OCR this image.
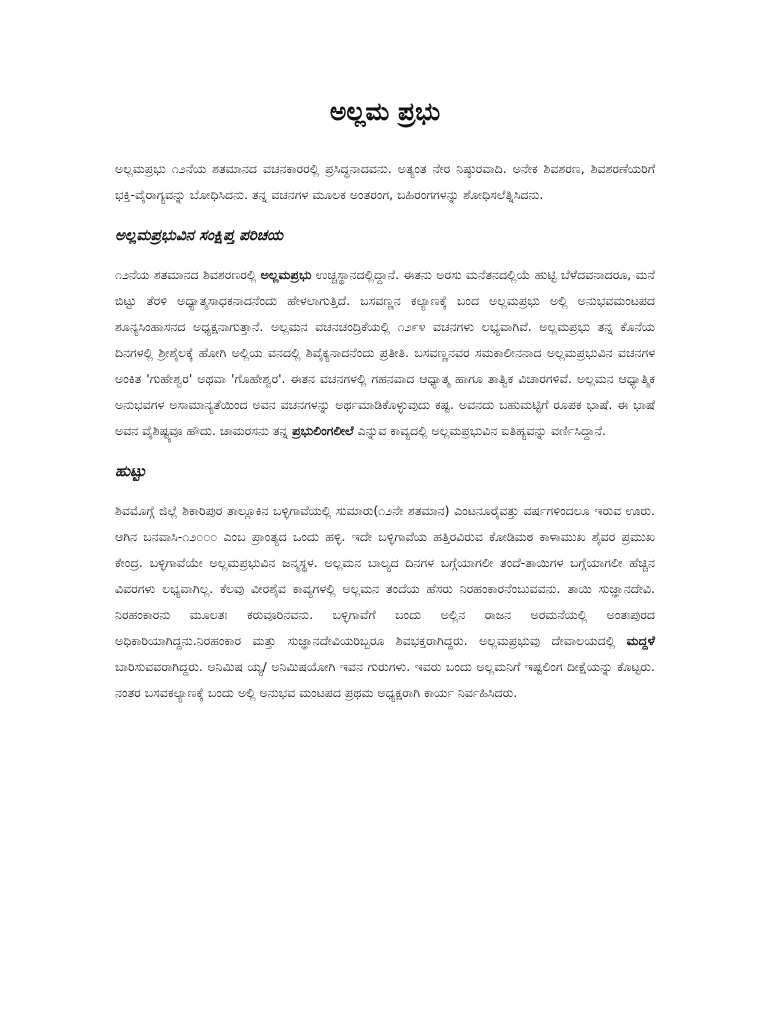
ಅಲ್ಲಮ ಪ್ರಭು

ಅಲ್ಲಮಪ್ರಭು ೧೨ನೆಯ ಶತಮಾನದ ವಚನಕಾರರಲ್ಲಿ ಪ್ರಸಿದ್ಧನಾದವನು. ಅತ್ಯಂತ ನೇರ ನಿಷ್ಠುರವಾದಿ. ಅನೇಕ ಶಿವಶರಣ, ಶಿವಶರಣೆಯರಿಗೆ ಭಕ್ತಿ-ವೈರಾಗ್ಯವನ್ನು ಬೋಧಿಸಿದನು. ತನ್ನ ವಚನಗಳ ಮೂಲಕ ಅಂತರಂಗ, ಬಹಿರಂಗಗಳನ್ನು ಶೋಧಿಸಲೆತ್ನಿಸಿದನು.

ಅಲ್ಲಮಪ್ರಭುವಿನ ಸಂಕ್ಷಿಪ್ತ ಪರಿಚಯ

೧೨ನೆಯ ಶತಮಾನದ ಶಿವಶರಣರಲ್ಲಿ ಅಲ್ಲಮಪ್ರಭು ಉಚ್ಚಸ್ಥಾನದಲ್ಲಿದ್ದಾನೆ. ಈತನು ಅರಸು ಮನೆತನದಲ್ಲಿಯೆ ಹುಟ್ಟಿ ಬೆಳೆದವನಾದರೂ, ಮನೆ ಬಿಟ್ಟು ತೆರಳಿ ಅಧ್ಯಾತ್ಮಸಾಧಕನಾದನೆಂದು ಹೇಳಲಾಗುತ್ತಿದೆ. ಬಸವಣ್ಣನ ಕಲ್ಯಾಣಕ್ಕೆ ಬಂದ ಅಲ್ಲಮಪ್ರಭು ಅಲ್ಲಿ ಅನುಭವಮಂಟಪದ ಶೂನ್ಯಸಿಂಹಾಸನದ ಅಧ್ಯಕ್ಷನಾಗುತ್ತಾನೆ. ಅಲ್ಲಮನ ವಚನಚಂದ್ರಿಕೆಯಲ್ಲಿ ೧೨೯೪ ವಚನಗಳು ಲಭ್ಯವಾಗಿವೆ. ಅಲ್ಲಮಪ್ರಭು ತನ್ನ ಕೊನೆಯ ದಿನಗಳಲ್ಲಿ ಶ್ರೀಶೈಲಕ್ಕೆ ಹೋಗಿ ಅಲ್ಲಿಯ ವನದಲ್ಲಿ ಶಿವೈಕ್ಯನಾದನೆಂದು ಪ್ರತೀತಿ. ಬಸವಣ್ಣನವರ ಸಮಕಾಲೀನನಾದ ಅಲ್ಲಮಪ್ರಭುವಿನ ವಚನಗಳ ಅಂಕಿತ 'ಗುಹೇಶ್ವರ' ಅಥವಾ 'ಗೊಹೇಶ್ವರ'. ಈತನ ವಚನಗಳಲ್ಲಿ ಗಹನವಾದ ಆಧ್ಯಾತ್ಮ ಹಾಗೂ ತಾತ್ವಿಕ ವಿಚಾರಗಳಿವೆ. ಅಲ್ಲಮನ ಆಧ್ಯಾತ್ಮಿಕ ಅನುಭವಗಳ ಅಸಾಮಾನ್ಯತೆಯಿಂದ ಅವನ ವಚನಗಳನ್ನು ಅರ್ಥಮಾಡಿಕೊಳ್ಳುವುದು ಕಷ್ಟ. ಅವನದು ಬಹುಮಟ್ಟಿಗೆ ರೂಪಕ ಭಾಷೆ. ಈ ಭಾಷೆ ಅವನ ವೈಶಿಷ್ಟ್ಯವೂ ಹೌದು. ಚಾಮರಸನು ತನ್ನ ಪ್ರಭುಲಿಂಗಲೀಲೆ ಎನ್ನುವ ಕಾವ್ಯದಲ್ಲಿ ಅಲ್ಲಮಪ್ರಭುವಿನ ಐತಿಹ್ಯವನ್ನು ವರ್ಣಿಸಿದ್ದಾನೆ.

ಹುಟ್ಟು

ಶಿವಮೊಗ್ಗೆ ಜಿಲ್ಲೆ ಶಿಕಾರಿಪುರ ತಾಲ್ಲೂಕಿನ ಬಳ್ಳಿಗಾವೆಯಲ್ಲಿ ಸುಮಾರು(೧೨ನೇ ಶತಮಾನ) ಎಂಟನೂರೈವತ್ತು ವರ್ಷಗಳಿಂದಲೂ ಇರುವ ಊರು. ಆಗಿನ ಬನವಾಸಿ-೧೨೦೦೦ ಎಂಬ ಪ್ರಾಂತ್ಯದ ಒಂದು ಹಳ್ಳಿ. ಇದೇ ಬಳ್ಳಿಗಾವೆಯ ಹತ್ತಿರವಿರುವ ಕೋಡಿಮಠ ಕಾಳಾಮುಖ ಶೈವರ ಪ್ರಮುಖ ಕೇಂದ್ರ. ಬಳ್ಳಿಗಾವೆಯೇ ಅಲ್ಲಮಪ್ರಭುವಿನ ಜನ್ಮಸ್ಥಳ. ಅಲ್ಲಮನ ಬಾಲ್ಯದ ದಿನಗಳ ಬಗ್ಗೆಯಾಗಲೀ ತಂದೆ-ತಾಯಿಗಳ ಬಗ್ಗೆಯಾಗಲೀ ಹೆಚ್ಚಿನ ವಿವರಗಳು ಲಭ್ಯವಾಗಿಲ್ಲ. ಕೆಲವು ವೀರಶೈವ ಕಾವ್ಯಗಳಲ್ಲಿ ಅಲ್ಲಮನ ತಂದೆಯ ಹೆಸರು ನಿರಹಂಕಾರನೆಂಬುವವನು. ತಾಯಿ ಸುಜ್ಞಾನದೇವಿ. ನಿರಹಂಕಾರನು ಮೂಲತಃ ಕರುವೂರಿನವನು. ಬಳ್ಳಿಗಾವೆಗೆ ಬಂದು ಅಲ್ಲಿನ ರಾಜನ ಅರಮನೆಯಲ್ಲಿ ಅಂತಃಪುರದ ಅಧಿಕಾರಿಯಾಗಿದ್ದನು.ನಿರಹಂಕಾರ ಮತ್ತು ಸುಜ್ಞಾನದೇವಿಯರಿಬ್ಬರೂ ಶಿವಭಕ್ತರಾಗಿದ್ದರು. ಅಲ್ಲಮಪ್ರಭುವು ದೇವಾಲಯದಲ್ಲಿ ಮದ್ದಳೆ ಬಾರಿಸುವವರಾಗಿದ್ದರು. ಅನಿಮಿಷ ಯ್ಯ/ ಅನಿಮಿಷಯೋಗಿ ಇವನ ಗುರುಗಳು. ಇವರು ಬಂದು ಅಲ್ಲಮನಿಗೆ ಇಷ್ಟಲಿಂಗ ದೀಕ್ಷೆಯನ್ನು ಕೊಟ್ಟರು. ನಂತರ ಬಸವಕಲ್ಯಾಣಕ್ಕೆ ಬಂದು ಅಲ್ಲಿ ಅನುಭವ ಮಂಟಪದ ಪ್ರಥಮ ಅಧ್ಯಕ್ಷರಾಗಿ ಕಾರ್ಯ ನಿರ್ವಹಿಸಿದರು.
